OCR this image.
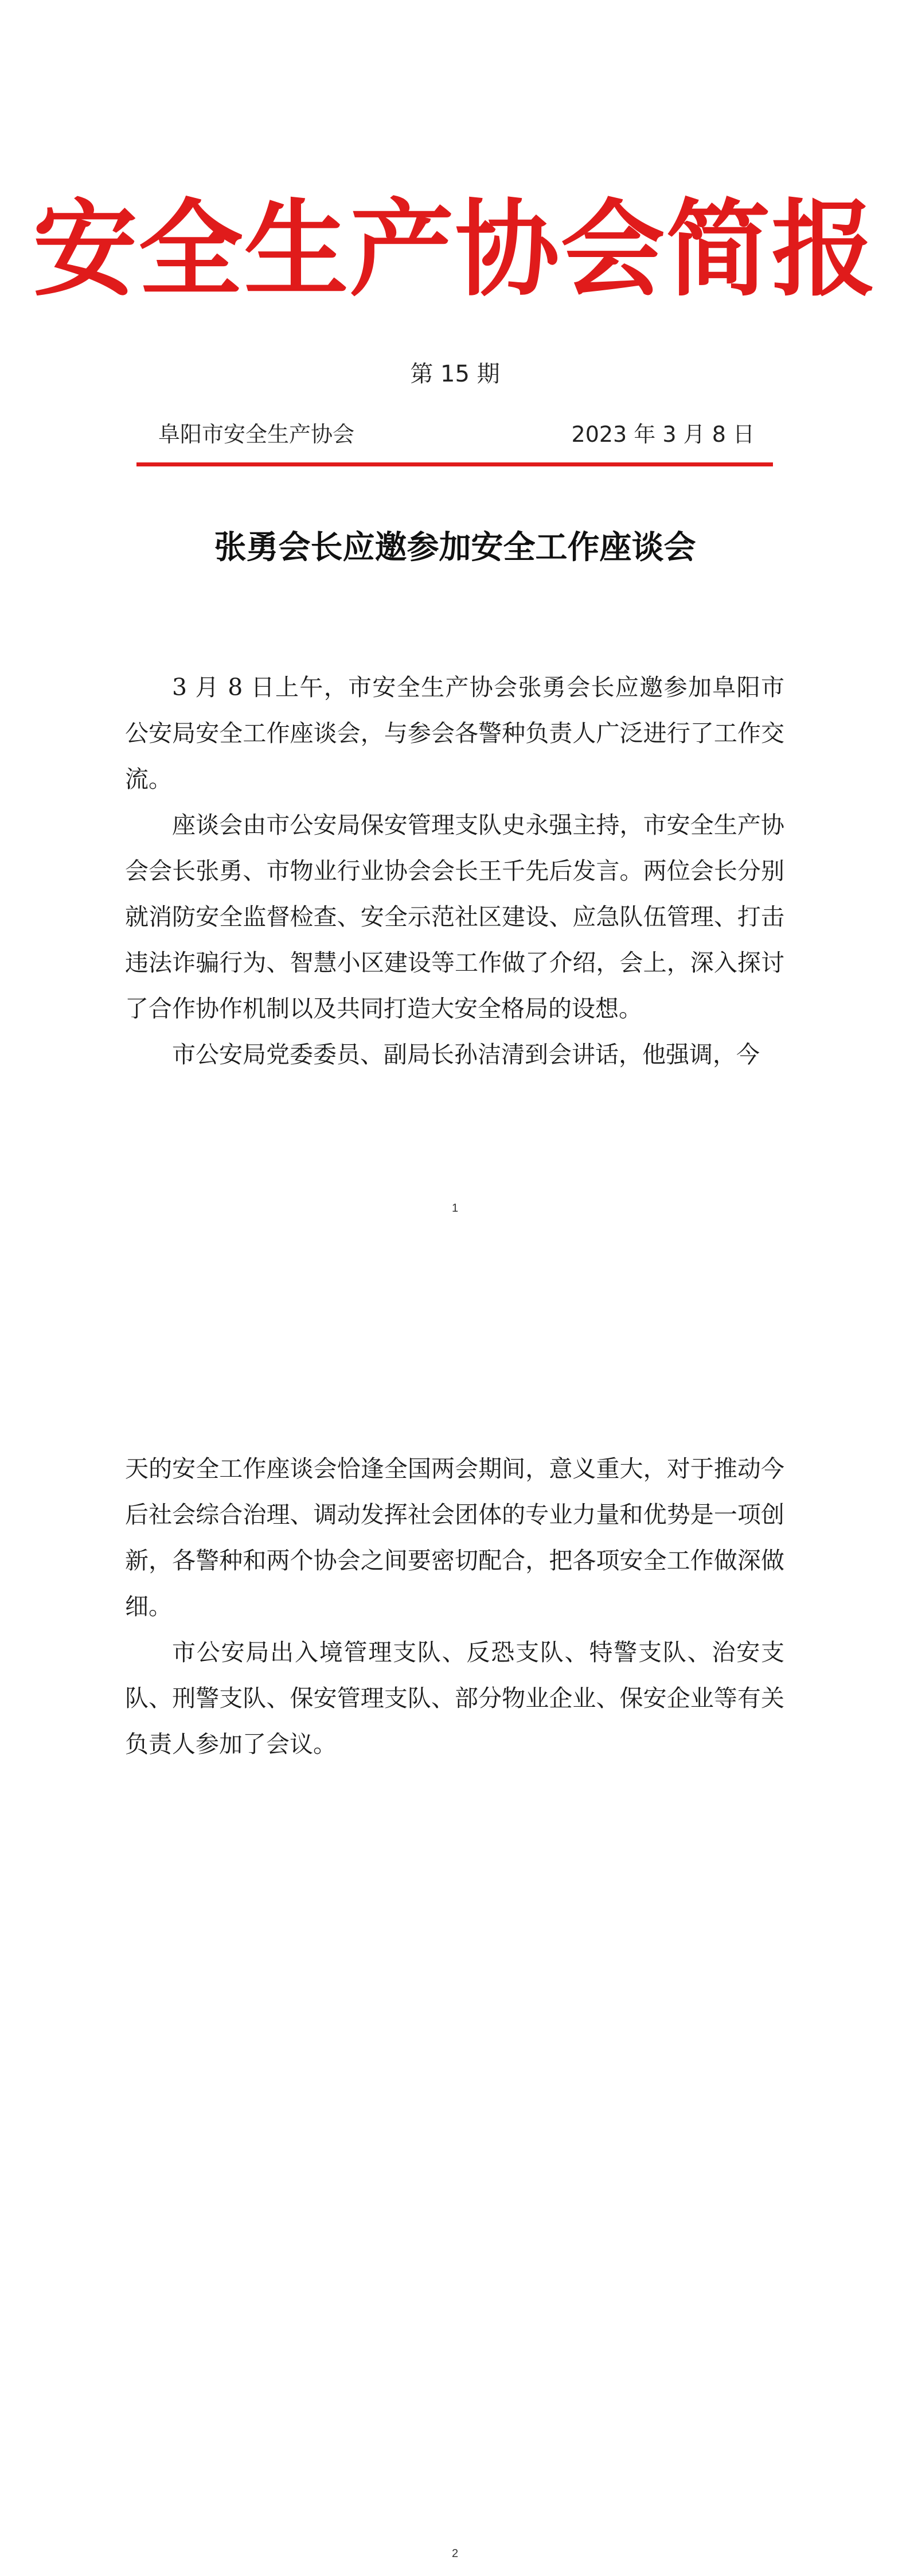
安全生产协会简报
第 15 期
阜阳市安全生产协会	2023 年 3 月 8 日
张勇会长应邀参加安全工作座谈会

3 月 8 日上午，市安全生产协会张勇会长应邀参加阜阳市公安局安全工作座谈会，与参会各警种负责人广泛进行了工作交流。

座谈会由市公安局保安管理支队史永强主持，市安全生产协会会长张勇、市物业行业协会会长王千先后发言。两位会长分别就消防安全监督检查、安全示范社区建设、应急队伍管理、打击违法诈骗行为、智慧小区建设等工作做了介绍，会上，深入探讨了合作协作机制以及共同打造大安全格局的设想。

市公安局党委委员、副局长孙洁清到会讲话，他强调，今

1

天的安全工作座谈会恰逢全国两会期间，意义重大，对于推动今后社会综合治理、调动发挥社会团体的专业力量和优势是一项创新，各警种和两个协会之间要密切配合，把各项安全工作做深做细。

市公安局出入境管理支队、反恐支队、特警支队、治安支队、刑警支队、保安管理支队、部分物业企业、保安企业等有关负责人参加了会议。

2
